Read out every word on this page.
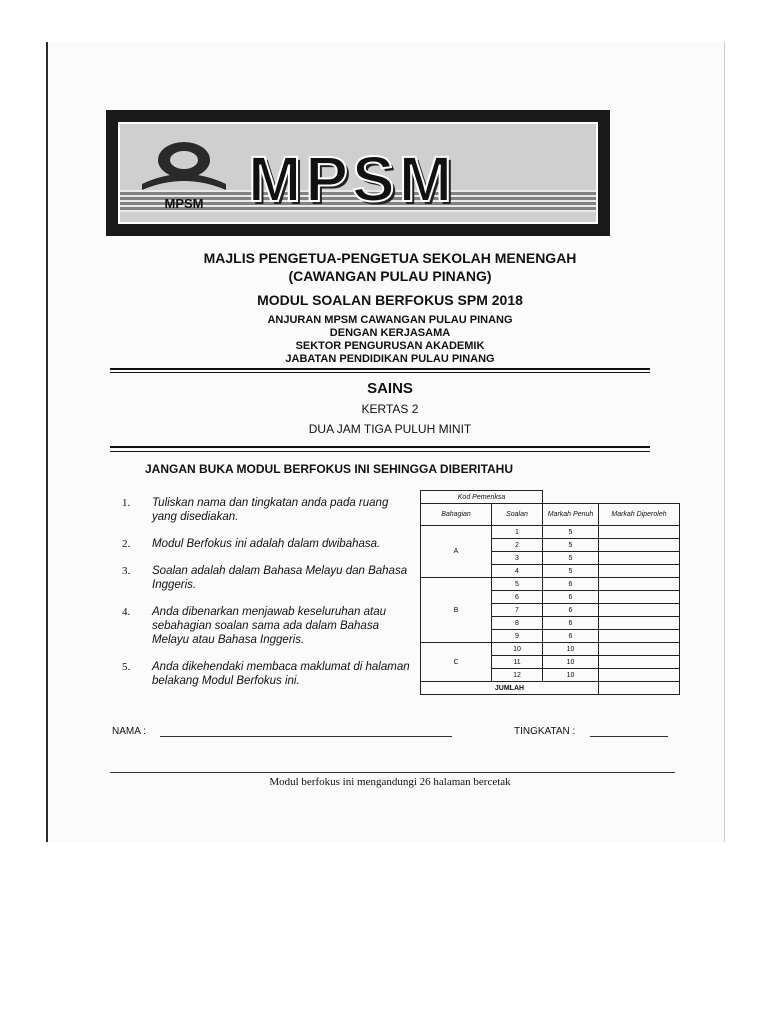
MPSM MPSM
MAJLIS PENGETUA-PENGETUA SEKOLAH MENENGAH
(CAWANGAN PULAU PINANG)
MODUL SOALAN BERFOKUS SPM 2018
ANJURAN MPSM CAWANGAN PULAU PINANG
DENGAN KERJASAMA
SEKTOR PENGURUSAN AKADEMIK
JABATAN PENDIDIKAN PULAU PINANG
SAINS
KERTAS 2
DUA JAM TIGA PULUH MINIT
JANGAN BUKA MODUL BERFOKUS INI SEHINGGA DIBERITAHU
1.	Tuliskan nama dan tingkatan anda pada ruang yang disediakan.
2.	Modul Berfokus ini adalah dalam dwibahasa.
3.	Soalan adalah dalam Bahasa Melayu dan Bahasa Inggeris.
4.	Anda dibenarkan menjawab keseluruhan atau sebahagian soalan sama ada dalam Bahasa Melayu atau Bahasa Inggeris.
5.	Anda dikehendaki membaca maklumat di halaman belakang Modul Berfokus ini.
Kod Pemeriksa			
Bahagian	Soalan	Markah Penuh	Markah Diperoleh
A	1	5	
	2	5	
	3	5	
	4	5	
B	5	6	
	6	6	
	7	6	
	8	6	
	9	6	
C	10	10	
	11	10	
	12	10	
JUMLAH			
NAMA :	TINGKATAN :
Modul berfokus ini mengandungi 26 halaman bercetak
